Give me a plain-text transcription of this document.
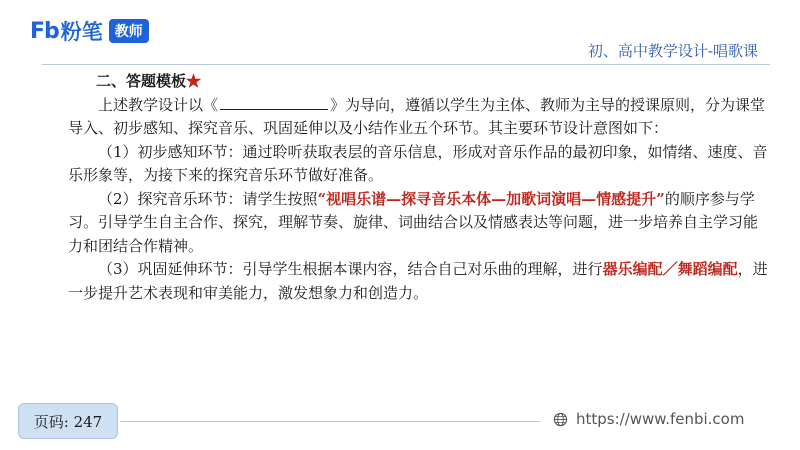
Fb 粉笔 教师
初、高中教学设计-唱歌课

二、答题模板★

上述教学设计以《	》为导向，遵循以学生为主体、教师为主导的授课原则，分为课堂导入、初步感知、探究音乐、巩固延伸以及小结作业五个环节。其主要环节设计意图如下：

（1）初步感知环节：通过聆听获取表层的音乐信息，形成对音乐作品的最初印象，如情绪、速度、音乐形象等，为接下来的探究音乐环节做好准备。

（2）探究音乐环节：请学生按照“视唱乐谱—探寻音乐本体—加歌词演唱—情感提升”的顺序参与学习。引导学生自主合作、探究，理解节奏、旋律、词曲结合以及情感表达等问题，进一步培养自主学习能力和团结合作精神。

（3）巩固延伸环节：引导学生根据本课内容，结合自己对乐曲的理解，进行器乐编配／舞蹈编配，进一步提升艺术表现和审美能力，激发想象力和创造力。

页码: 247	https://www.fenbi.com
